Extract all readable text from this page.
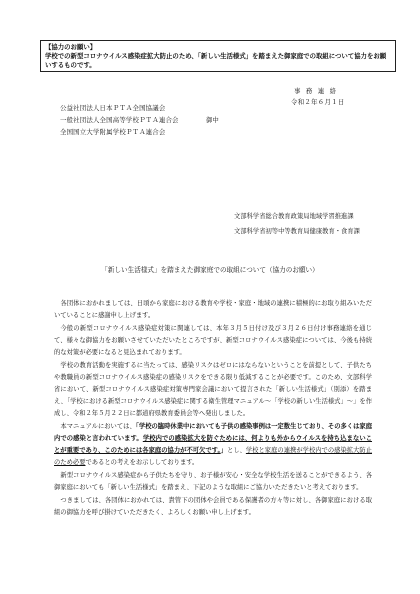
【協力のお願い】
学校での新型コロナウイルス感染症拡大防止のため、「新しい生活様式」を踏まえた御家庭での取組について協力をお願いするものです。
事務連絡
令和２年６月１日
公益社団法人日本ＰＴＡ全国協議会
一般社団法人全国高等学校ＰＴＡ連合会
全国国立大学附属学校ＰＴＡ連合会
御中
文部科学省総合教育政策局地域学習推進課
文部科学省初等中等教育局健康教育・食育課
「新しい生活様式」を踏まえた御家庭での取組について（協力のお願い）

各団体におかれましては、日頃から家庭における教育や学校・家庭・地域の連携に積極的にお取り組みいただいていることに感謝申し上げます。

今般の新型コロナウイルス感染症対策に関連しては、本年３月５日付け及び３月２６日付け事務連絡を通じて、様々な御協力をお願いさせていただいたところですが、新型コロナウイルス感染症については、今後も持続的な対策が必要になると見込まれております。

学校の教育活動を実施するに当たっては、感染リスクはゼロにはならないということを前提として、子供たちや教職員の新型コロナウイルス感染症の感染リスクをできる限り低減することが必要です。このため、文部科学省において、新型コロナウイルス感染症対策専門家会議において提言された「新しい生活様式」（別添）を踏まえ、「学校における新型コロナウイルス感染症に関する衛生管理マニュアル～「学校の新しい生活様式」～」を作成し、令和２年５月２２日に都道府県教育委員会等へ発出しました。

本マニュアルにおいては、「学校の臨時休業中においても子供の感染事例は一定数生じており、その多くは家庭内での感染と言われています。学校内での感染拡大を防ぐためには、何よりも外からウイルスを持ち込まないことが重要であり、このためには各家庭の協力が不可欠です。」とし、学校と家庭の連携が学校内での感染拡大防止のため必要であるとの考えをお示ししております。

新型コロナウイルス感染症から子供たちを守り、お子様が安心・安全な学校生活を送ることができるよう、各御家庭においても「新しい生活様式」を踏まえ、下記のような取組にご協力いただきたいと考えております。

つきましては、各団体におかれては、貴管下の団体や会員である保護者の方々等に対し、各御家庭における取組の御協力を呼び掛けていただきたく、よろしくお願い申し上げます。
